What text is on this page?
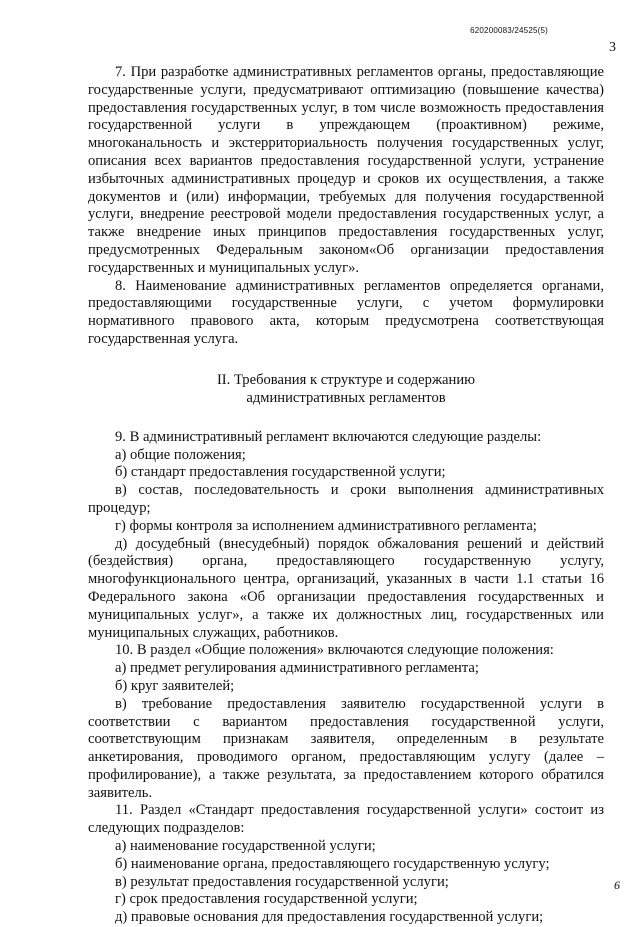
620200083/24525(5)
3

7. При разработке административных регламентов органы, предоставляющие государственные услуги, предусматривают оптимизацию (повышение качества) предоставления государственных услуг, в том числе возможность предоставления государственной услуги в упреждающем (проактивном) режиме, многоканальность и экстерриториальность получения государственных услуг, описания всех вариантов предоставления государственной услуги, устранение избыточных административных процедур и сроков их осуществления, а также документов и (или) информации, требуемых для получения государственной услуги, внедрение реестровой модели предоставления государственных услуг, а также внедрение иных принципов предоставления государственных услуг, предусмотренных Федеральным законом«Об организации предоставления государственных и муниципальных услуг».

8. Наименование административных регламентов определяется органами, предоставляющими государственные услуги, с учетом формулировки нормативного правового акта, которым предусмотрена соответствующая государственная услуга.

II. Требования к структуре и содержанию
административных регламентов

9. В административный регламент включаются следующие разделы:

а) общие положения;

б) стандарт предоставления государственной услуги;

в) состав, последовательность и сроки выполнения административных процедур;

г) формы контроля за исполнением административного регламента;

д) досудебный (внесудебный) порядок обжалования решений и действий (бездействия) органа, предоставляющего государственную услугу, многофункционального центра, организаций, указанных в части 1.1 статьи 16 Федерального закона «Об организации предоставления государственных и муниципальных услуг», а также их должностных лиц, государственных или муниципальных служащих, работников.

10. В раздел «Общие положения» включаются следующие положения:

а) предмет регулирования административного регламента;

б) круг заявителей;

в) требование предоставления заявителю государственной услуги в соответствии с вариантом предоставления государственной услуги, соответствующим признакам заявителя, определенным в результате анкетирования, проводимого органом, предоставляющим услугу (далее – профилирование), а также результата, за предоставлением которого обратился заявитель.

11. Раздел «Стандарт предоставления государственной услуги» состоит из следующих подразделов:

а) наименование государственной услуги;

б) наименование органа, предоставляющего государственную услугу;

в) результат предоставления государственной услуги;

г) срок предоставления государственной услуги;

д) правовые основания для предоставления государственной услуги;

6
